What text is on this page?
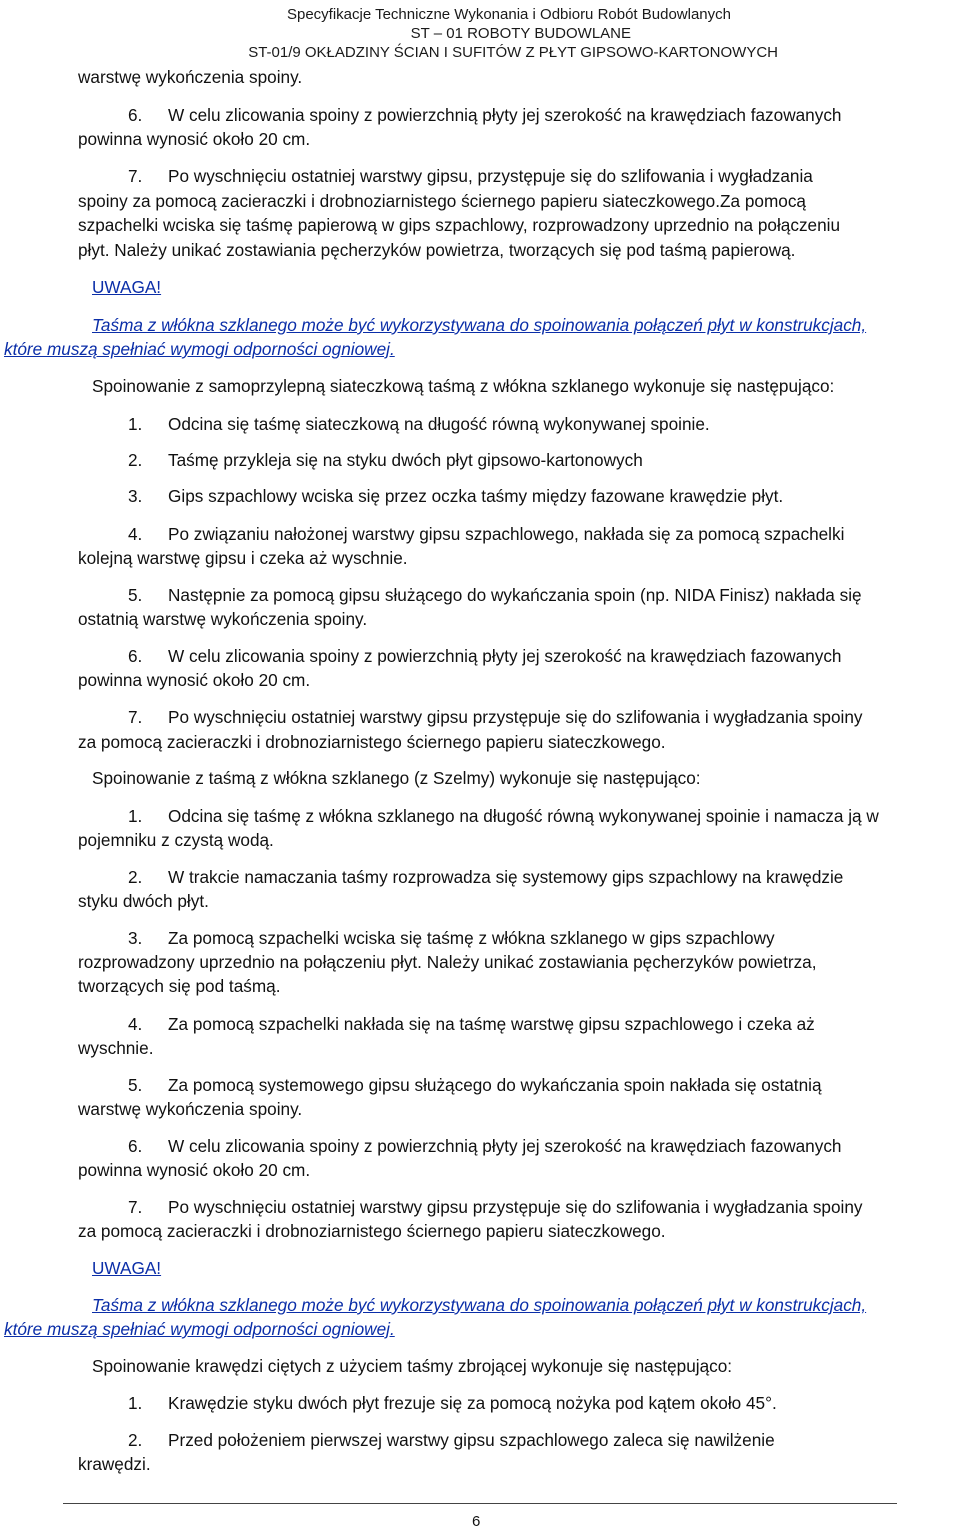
Specyfikacje Techniczne Wykonania i Odbioru Robót Budowlanych
ST – 01 ROBOTY BUDOWLANE
ST-01/9 OKŁADZINY ŚCIAN I SUFITÓW Z PŁYT GIPSOWO-KARTONOWYCH
warstwę wykończenia spoiny.
6. W celu zlicowania spoiny z powierzchnią płyty jej szerokość na krawędziach fazowanych
powinna wynosić około 20 cm.
7. Po wyschnięciu ostatniej warstwy gipsu, przystępuje się do szlifowania i wygładzania
spoiny za pomocą zacieraczki i drobnoziarnistego ściernego papieru siateczkowego.Za pomocą
szpachelki wciska się taśmę papierową w gips szpachlowy, rozprowadzony uprzednio na połączeniu
płyt. Należy unikać zostawiania pęcherzyków powietrza, tworzących się pod taśmą papierową.
UWAGA!
Taśma z włókna szklanego może być wykorzystywana do spoinowania połączeń płyt w konstrukcjach,
które muszą spełniać wymogi odporności ogniowej.
Spoinowanie z samoprzylepną siateczkową taśmą z włókna szklanego wykonuje się następująco:
1. Odcina się taśmę siateczkową na długość równą wykonywanej spoinie.
2. Taśmę przykleja się na styku dwóch płyt gipsowo-kartonowych
3. Gips szpachlowy wciska się przez oczka taśmy między fazowane krawędzie płyt.
4. Po związaniu nałożonej warstwy gipsu szpachlowego, nakłada się za pomocą szpachelki
kolejną warstwę gipsu i czeka aż wyschnie.
5. Następnie za pomocą gipsu służącego do wykańczania spoin (np. NIDA Finisz) nakłada się
ostatnią warstwę wykończenia spoiny.
6. W celu zlicowania spoiny z powierzchnią płyty jej szerokość na krawędziach fazowanych
powinna wynosić około 20 cm.
7. Po wyschnięciu ostatniej warstwy gipsu przystępuje się do szlifowania i wygładzania spoiny
za pomocą zacieraczki i drobnoziarnistego ściernego papieru siateczkowego.
Spoinowanie z taśmą z włókna szklanego (z Szelmy) wykonuje się następująco:
1. Odcina się taśmę z włókna szklanego na długość równą wykonywanej spoinie i namacza ją w
pojemniku z czystą wodą.
2. W trakcie namaczania taśmy rozprowadza się systemowy gips szpachlowy na krawędzie
styku dwóch płyt.
3. Za pomocą szpachelki wciska się taśmę z włókna szklanego w gips szpachlowy
rozprowadzony uprzednio na połączeniu płyt. Należy unikać zostawiania pęcherzyków powietrza,
tworzących się pod taśmą.
4. Za pomocą szpachelki nakłada się na taśmę warstwę gipsu szpachlowego i czeka aż
wyschnie.
5. Za pomocą systemowego gipsu służącego do wykańczania spoin nakłada się ostatnią
warstwę wykończenia spoiny.
6. W celu zlicowania spoiny z powierzchnią płyty jej szerokość na krawędziach fazowanych
powinna wynosić około 20 cm.
7. Po wyschnięciu ostatniej warstwy gipsu przystępuje się do szlifowania i wygładzania spoiny
za pomocą zacieraczki i drobnoziarnistego ściernego papieru siateczkowego.
UWAGA!
Taśma z włókna szklanego może być wykorzystywana do spoinowania połączeń płyt w konstrukcjach,
które muszą spełniać wymogi odporności ogniowej.
Spoinowanie krawędzi ciętych z użyciem taśmy zbrojącej wykonuje się następująco:
1. Krawędzie styku dwóch płyt frezuje się za pomocą nożyka pod kątem około 45°.
2. Przed położeniem pierwszej warstwy gipsu szpachlowego zaleca się nawilżenie
krawędzi.
6
